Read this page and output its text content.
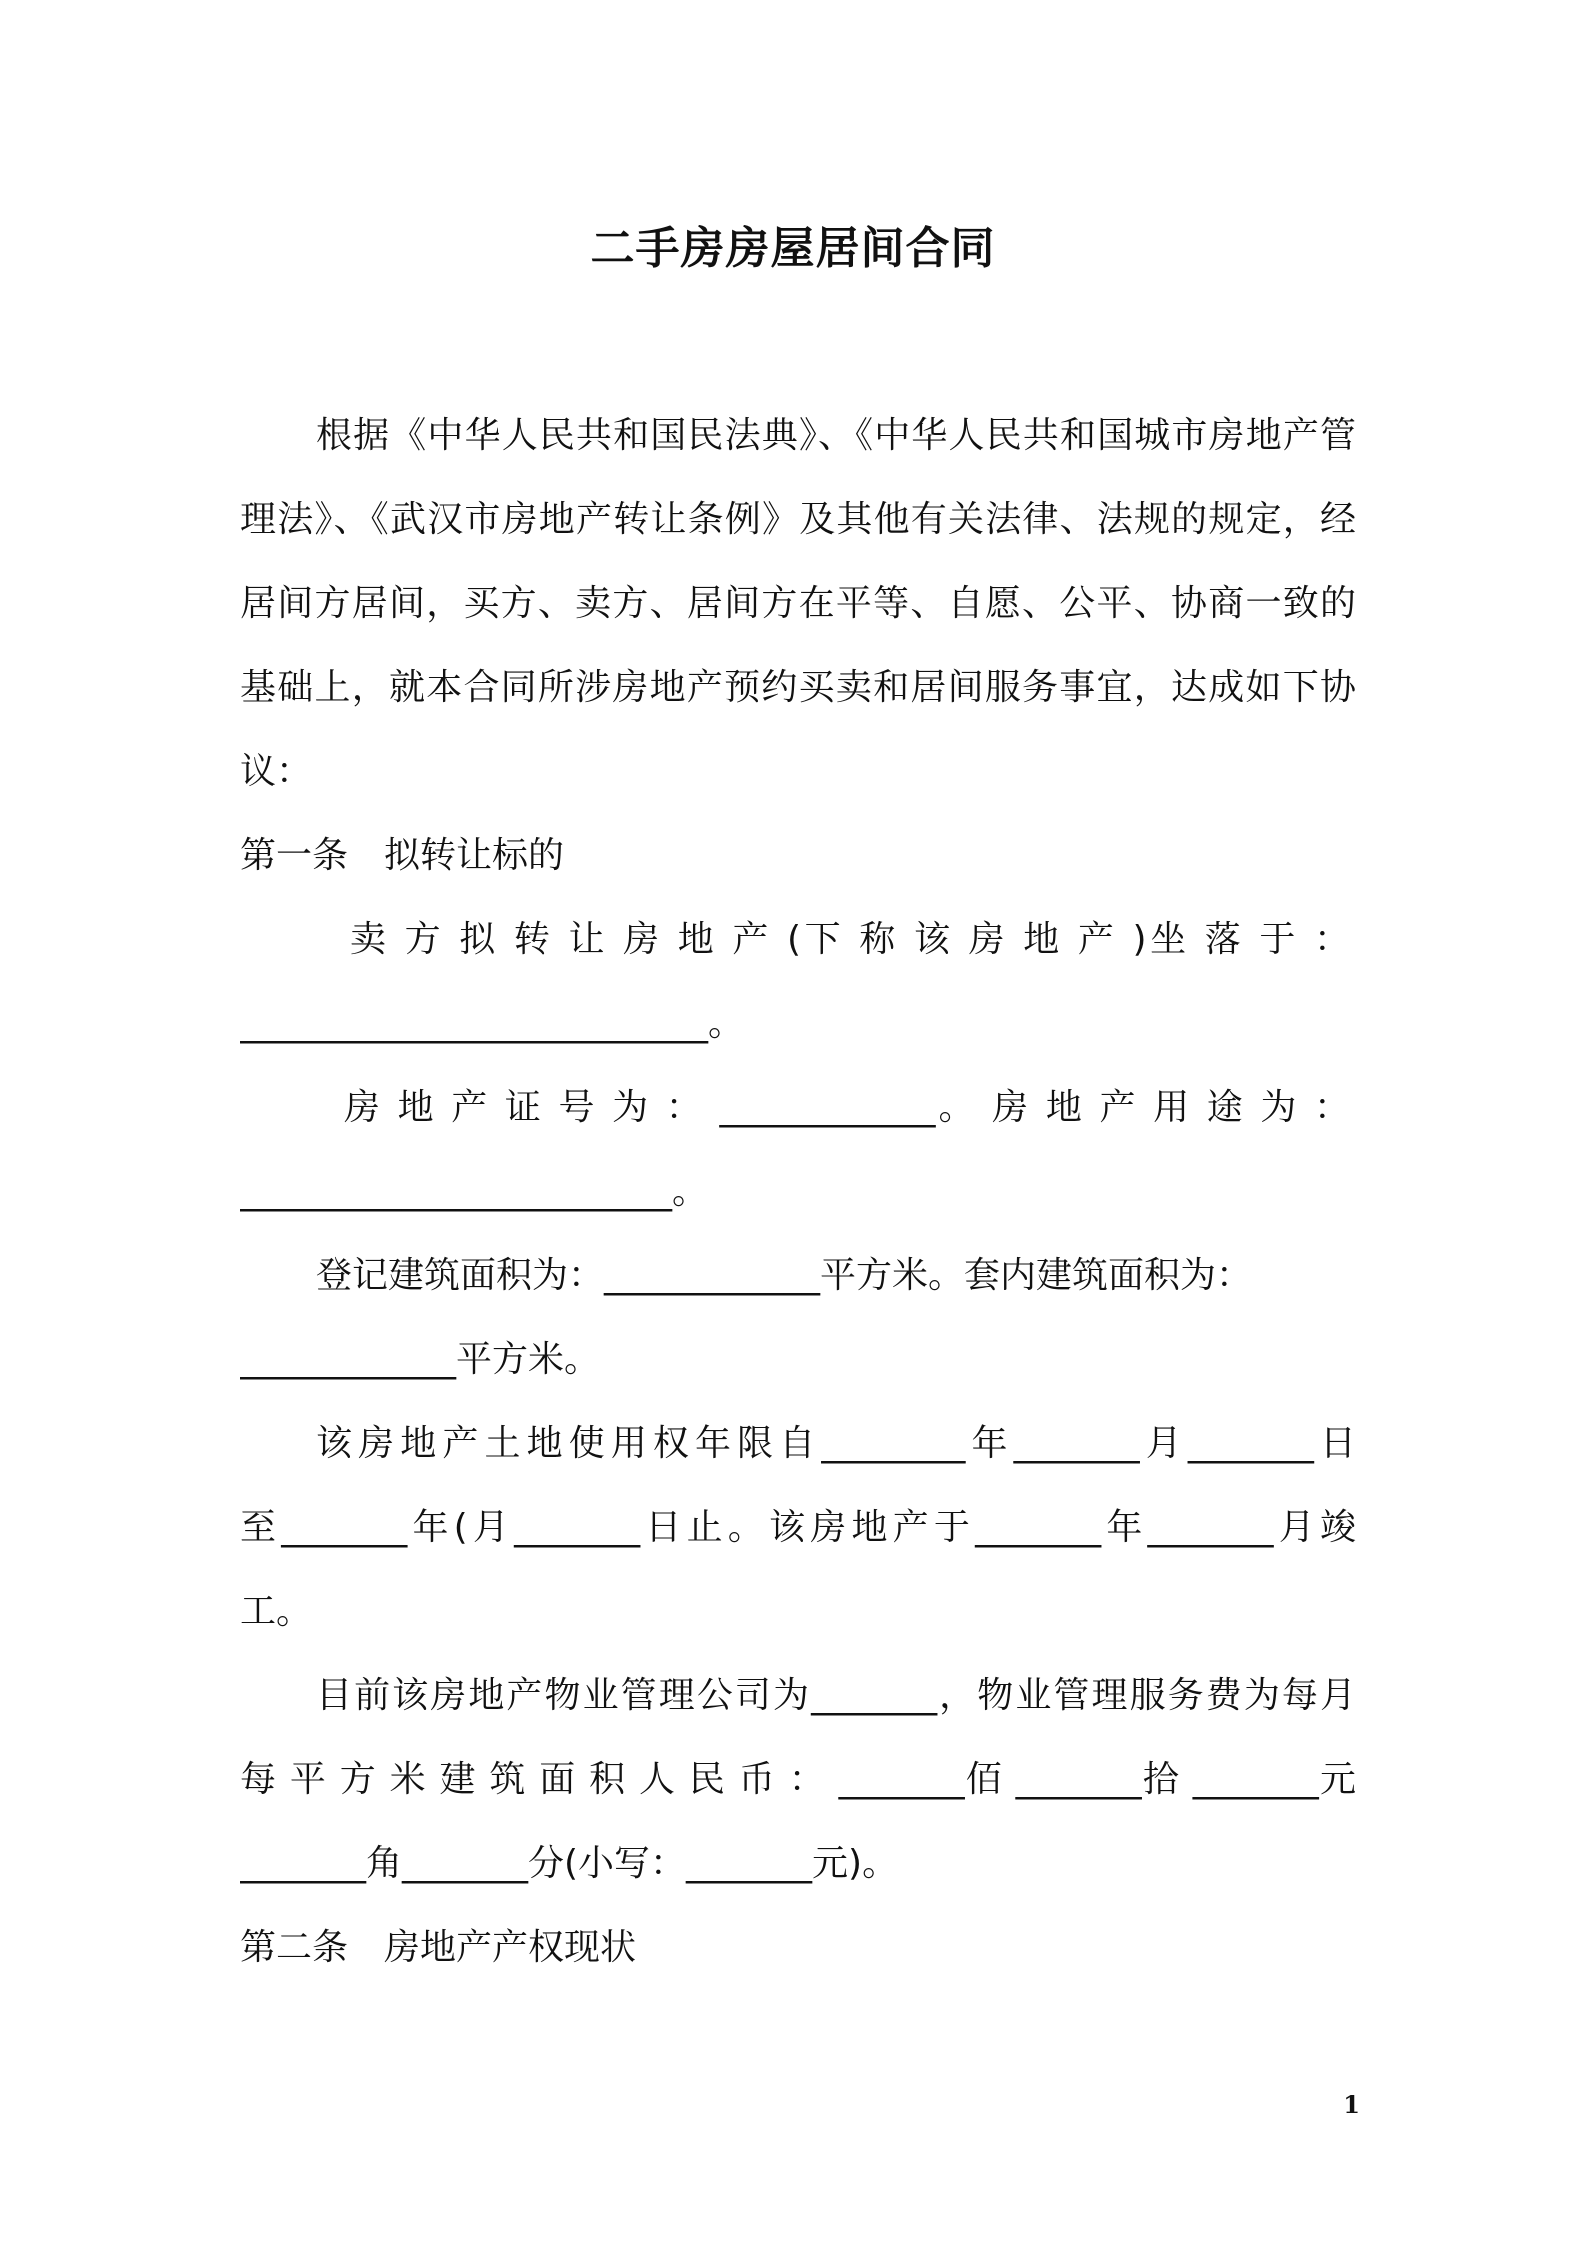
二手房房屋居间合同
根据《中华人民共和国民法典》、《中华人民共和国城市房地产管
理法》、《武汉市房地产转让条例》及其他有关法律、法规的规定，经
居间方居间，买方、卖方、居间方在平等、自愿、公平、协商一致的
基础上，就本合同所涉房地产预约买卖和居间服务事宜，达成如下协
议：
第一条　拟转让标的
卖 方 拟 转 让 房 地 产 (下 称 该 房 地 产 )坐 落 于 ：
__________________________。
房 地 产 证 号 为 ： ____________。 房 地 产 用 途 为 ：
________________________。
登记建筑面积为：____________平方米。套内建筑面积为：
____________平方米。
该房地产土地使用权年限自________年_______月_______日
至_______年(月_______日止。该房地产于_______年_______月竣
工。
目前该房地产物业管理公司为_______，物业管理服务费为每月
每 平 方 米 建 筑 面 积 人 民 币 ： _______佰 _______拾 _______元
_______角_______分(小写：_______元)。
第二条　房地产产权现状
1
